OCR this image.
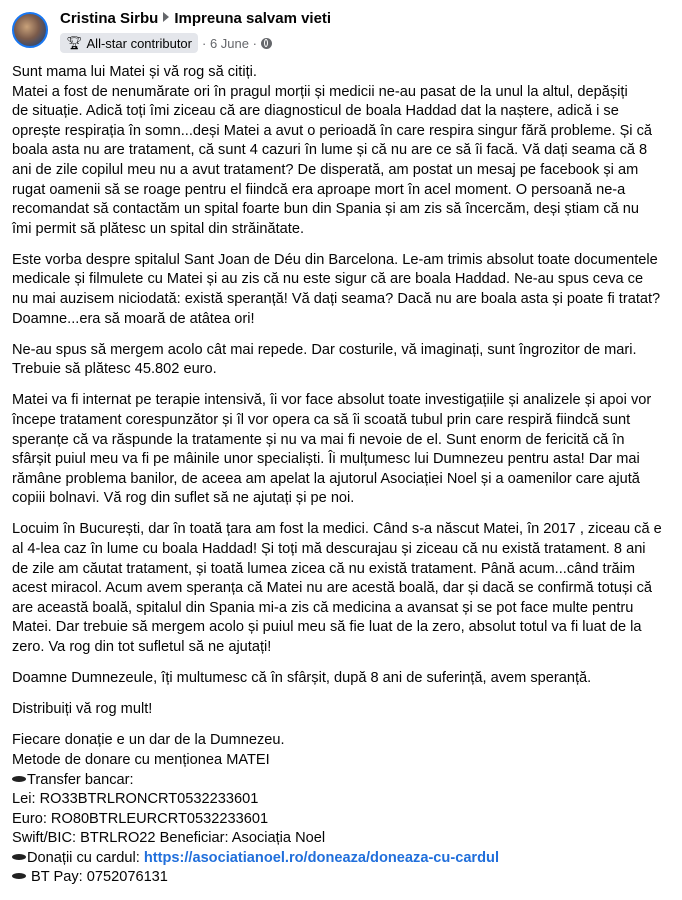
Cristina Sirbu Impreuna salvam vieti
🏆︎ All-star contributor · 6 June ·
Sunt mama lui Matei și vă rog să citiți.
Matei a fost de nenumărate ori în pragul morții și medicii ne-au pasat de la unul la altul, depășiți
de situație. Adică toți îmi ziceau că are diagnosticul de boala Haddad dat la naștere, adică i se
oprește respirația în somn...deși Matei a avut o perioadă în care respira singur fără probleme. Și că
boala asta nu are tratament, că sunt 4 cazuri în lume și că nu are ce să îi facă. Vă dați seama că 8
ani de zile copilul meu nu a avut tratament? De disperată, am postat un mesaj pe facebook și am
rugat oamenii să se roage pentru el fiindcă era aproape mort în acel moment. O persoană ne-a
recomandat să contactăm un spital foarte bun din Spania și am zis să încercăm, deși știam că nu
îmi permit să plătesc un spital din străinătate.
Este vorba despre spitalul Sant Joan de Déu din Barcelona. Le-am trimis absolut toate documentele
medicale și filmulete cu Matei și au zis că nu este sigur că are boala Haddad. Ne-au spus ceva ce
nu mai auzisem niciodată: există speranță! Vă dați seama? Dacă nu are boala asta și poate fi tratat?
Doamne...era să moară de atâtea ori!
Ne-au spus să mergem acolo cât mai repede. Dar costurile, vă imaginați, sunt îngrozitor de mari.
Trebuie să plătesc 45.802 euro.
Matei va fi internat pe terapie intensivă, îi vor face absolut toate investigațiile și analizele și apoi vor
începe tratament corespunzător și îl vor opera ca să îi scoată tubul prin care respiră fiindcă sunt
speranțe că va răspunde la tratamente și nu va mai fi nevoie de el. Sunt enorm de fericită că în
sfârșit puiul meu va fi pe mâinile unor specialiști. Îi mulțumesc lui Dumnezeu pentru asta! Dar mai
rămâne problema banilor, de aceea am apelat la ajutorul Asociației Noel și a oamenilor care ajută
copiii bolnavi. Vă rog din suflet să ne ajutați și pe noi.
Locuim în București, dar în toată țara am fost la medici. Când s-a născut Matei, în 2017 , ziceau că e
al 4-lea caz în lume cu boala Haddad! Și toți mă descurajau și ziceau că nu există tratament. 8 ani
de zile am căutat tratament, și toată lumea zicea că nu există tratament. Până acum...când trăim
acest miracol. Acum avem speranța că Matei nu are acestă boală, dar și dacă se confirmă totuși că
are această boală, spitalul din Spania mi-a zis că medicina a avansat și se pot face multe pentru
Matei. Dar trebuie să mergem acolo și puiul meu să fie luat de la zero, absolut totul va fi luat de la
zero. Va rog din tot sufletul să ne ajutați!
Doamne Dumnezeule, îți multumesc că în sfârșit, după 8 ani de suferință, avem speranță.
Distribuiți vă rog mult!
Fiecare donație e un dar de la Dumnezeu.
Metode de donare cu menționea MATEI
Transfer bancar:
Lei: RO33BTRLRONCRT0532233601
Euro: RO80BTRLEURCRT0532233601
Swift/BIC: BTRLRO22 Beneficiar: Asociația Noel
Donații cu cardul: https://asociatianoel.ro/doneaza/doneaza-cu-cardul
BT Pay: 0752076131
